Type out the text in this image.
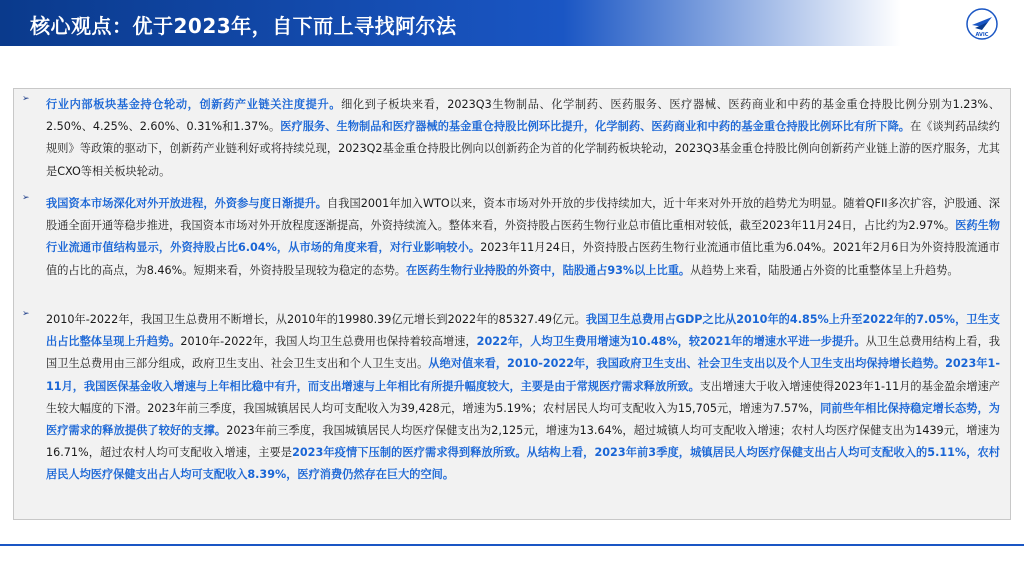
核心观点：优于2023年，自下而上寻找阿尔法	AVIC
➢ 行业内部板块基金持仓轮动，创新药产业链关注度提升。细化到子板块来看，2023Q3生物制品、化学制药、医药服务、医疗器械、医药商业和中药的基金重仓持股比例分别为1.23%、2.50%、4.25%、2.60%、0.31%和1.37%。医疗服务、生物制品和医疗器械的基金重仓持股比例环比提升，化学制药、医药商业和中药的基金重仓持股比例环比有所下降。在《谈判药品续约规则》等政策的驱动下，创新药产业链利好或将持续兑现，2023Q2基金重仓持股比例向以创新药企为首的化学制药板块轮动，2023Q3基金重仓持股比例向创新药产业链上游的医疗服务，尤其是CXO等相关板块轮动。
➢ 我国资本市场深化对外开放进程，外资参与度日渐提升。自我国2001年加入WTO以来，资本市场对外开放的步伐持续加大，近十年来对外开放的趋势尤为明显。随着QFII多次扩容，沪股通、深股通全面开通等稳步推进，我国资本市场对外开放程度逐渐提高，外资持续流入。整体来看，外资持股占医药生物行业总市值比重相对较低，截至2023年11月24日，占比约为2.97%。医药生物行业流通市值结构显示，外资持股占比6.04%，从市场的角度来看，对行业影响较小。2023年11月24日，外资持股占医药生物行业流通市值比重为6.04%。2021年2月6日为外资持股流通市值的占比的高点，为8.46%。短期来看，外资持股呈现较为稳定的态势。在医药生物行业持股的外资中，陆股通占93%以上比重。从趋势上来看，陆股通占外资的比重整体呈上升趋势。
➢ 2010年-2022年，我国卫生总费用不断增长，从2010年的19980.39亿元增长到2022年的85327.49亿元。我国卫生总费用占GDP之比从2010年的4.85%上升至2022年的7.05%，卫生支出占比整体呈现上升趋势。2010年-2022年，我国人均卫生总费用也保持着较高增速，2022年，人均卫生费用增速为10.48%，较2021年的增速水平进一步提升。从卫生总费用结构上看，我国卫生总费用由三部分组成，政府卫生支出、社会卫生支出和个人卫生支出。从绝对值来看，2010-2022年，我国政府卫生支出、社会卫生支出以及个人卫生支出均保持增长趋势。2023年1-11月，我国医保基金收入增速与上年相比稳中有升，而支出增速与上年相比有所提升幅度较大，主要是由于常规医疗需求释放所致。支出增速大于收入增速使得2023年1-11月的基金盈余增速产生较大幅度的下滑。2023年前三季度，我国城镇居民人均可支配收入为39,428元，增速为5.19%；农村居民人均可支配收入为15,705元，增速为7.57%，同前些年相比保持稳定增长态势，为医疗需求的释放提供了较好的支撑。2023年前三季度，我国城镇居民人均医疗保健支出为2,125元，增速为13.64%，超过城镇人均可支配收入增速；农村人均医疗保健支出为1439元，增速为16.71%，超过农村人均可支配收入增速，主要是2023年疫情下压制的医疗需求得到释放所致。从结构上看，2023年前3季度，城镇居民人均医疗保健支出占人均可支配收入的5.11%，农村居民人均医疗保健支出占人均可支配收入8.39%，医疗消费仍然存在巨大的空间。
